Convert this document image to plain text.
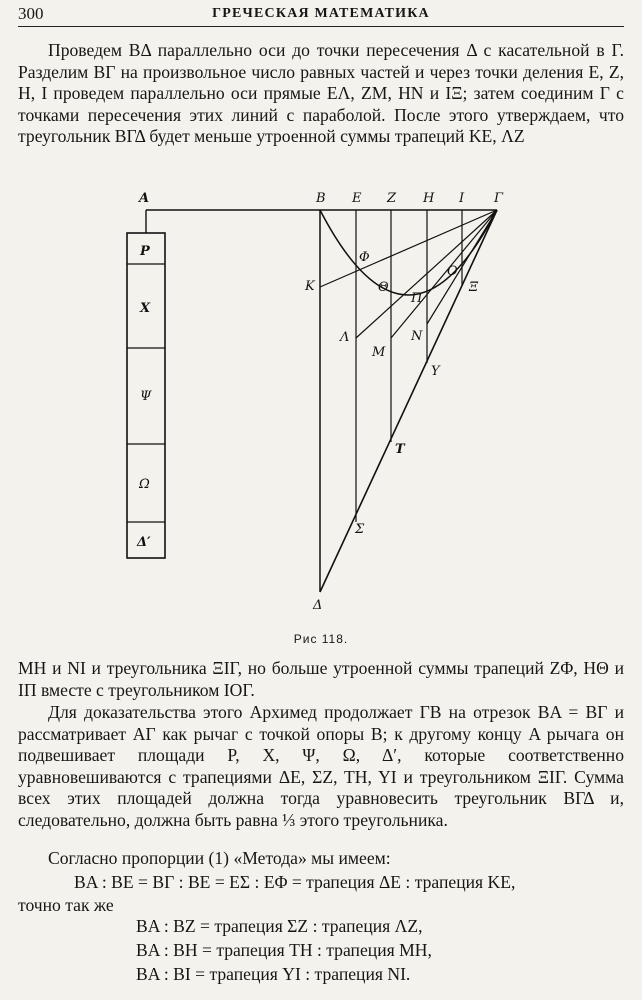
300	ГРЕЧЕСКАЯ МАТЕМАТИКА

Проведем BΔ параллельно оси до точки пересечения Δ с касательной в Γ. Разделим BΓ на произвольное число равных частей и через точки деления E, Z, H, I проведем параллельно оси прямые EΛ, ZM, HN и IΞ; затем соединим Γ с точками пересечения этих линий с параболой. После этого утверждаем, что треугольник BΓΔ будет меньше утроенной суммы трапеций KE, ΛZ

A	B E Z H I Γ
K
Φ
Θ
П
O
Ξ
Λ
M
N
Y
T
Σ
Δ
P
X
Ψ
Ω
Δ′
Рис 118.

MH и NI и треугольника ΞIΓ, но больше утроенной суммы трапеций ZΦ, HΘ и IП вместе с треугольником IOΓ.

Для доказательства этого Архимед продолжает ΓB на отрезок BA = BΓ и рассматривает AΓ как рычаг с точкой опоры B; к другому концу A рычага он подвешивает площади P, X, Ψ, Ω, Δ′, которые соответственно уравновешиваются с трапециями ΔE, ΣZ, TH, YI и треугольником ΞIΓ. Сумма всех этих площадей должна тогда уравновесить треугольник BΓΔ и, следовательно, должна быть равна ⅓ этого треугольника.

Согласно пропорции (1) «Метода» мы имеем:

BA : BE = BΓ : BE = EΣ : EΦ = трапеция ΔE : трапеция KE,
точно так же
BA : BZ = трапеция ΣZ : трапеция ΛZ,
BA : BH = трапеция TH : трапеция MH,
BA : BI = трапеция YI : трапеция NI.
